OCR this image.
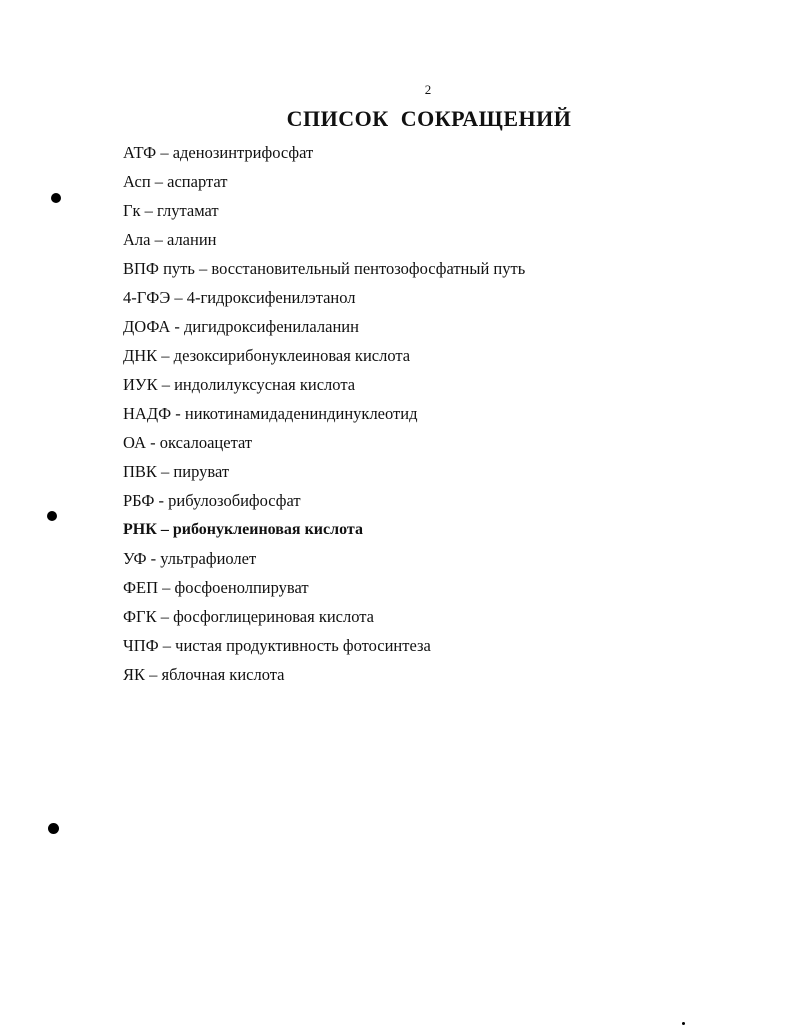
2
СПИСОК СОКРАЩЕНИЙ
АТФ – аденозинтрифосфат
Асп – аспартат
Гк – глутамат
Ала – аланин
ВПФ путь – восстановительный пентозофосфатный путь
4-ГФЭ – 4-гидроксифенилэтанол
ДОФА - дигидроксифенилаланин
ДНК – дезоксирибонуклеиновая кислота
ИУК – индолилуксусная кислота
НАДФ - никотинамидадениндинуклеотид
ОА - оксалоацетат
ПВК – пируват
РБФ - рибулозобифосфат
РНК – рибонуклеиновая кислота
УФ - ультрафиолет
ФЕП – фосфоенолпируват
ФГК – фосфоглицериновая кислота
ЧПФ – чистая продуктивность фотосинтеза
ЯК – яблочная кислота
